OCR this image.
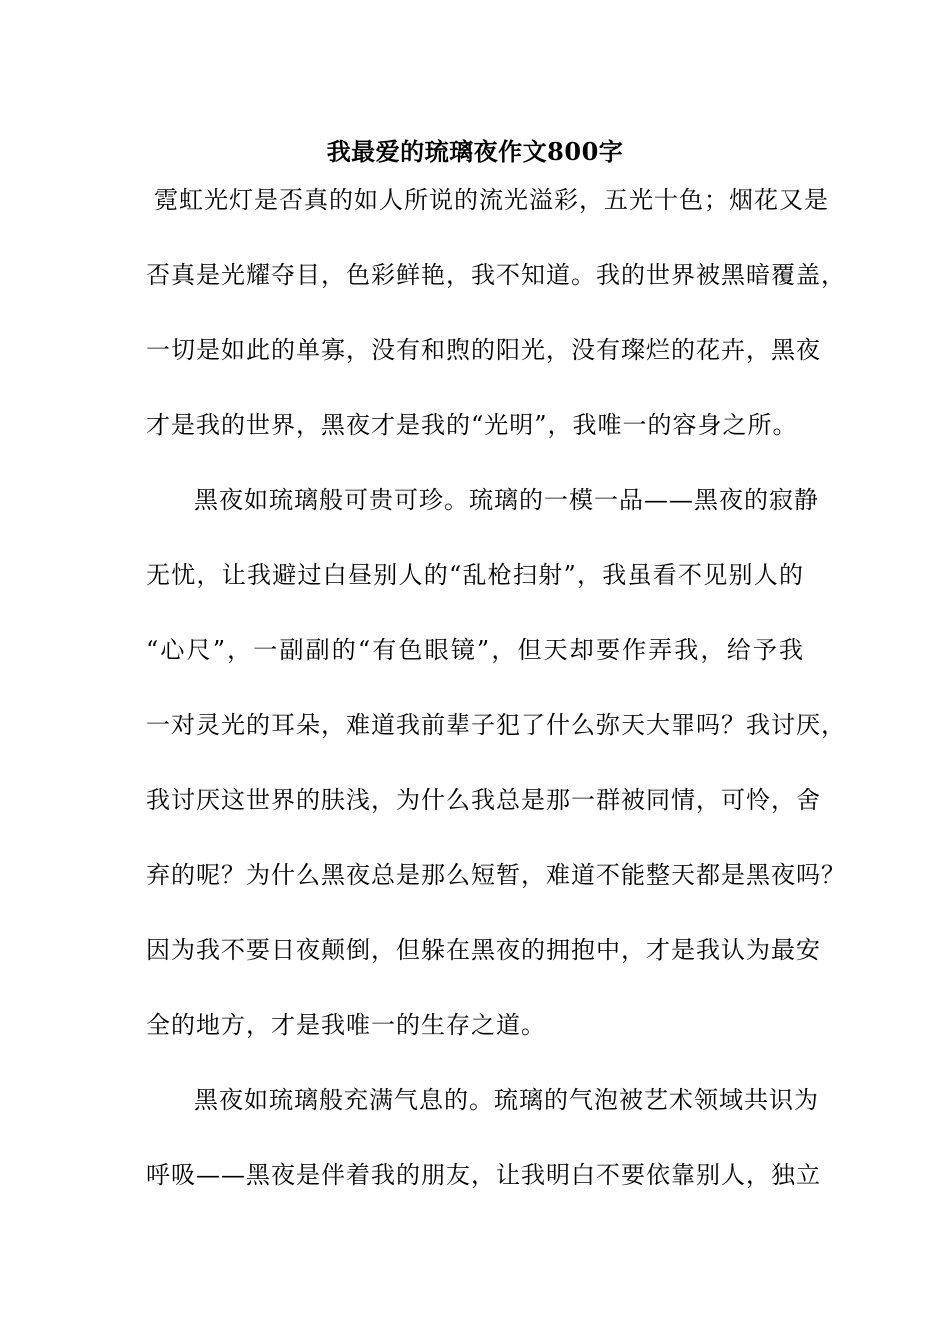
我最爱的琉璃夜作文800字
霓虹光灯是否真的如人所说的流光溢彩，五光十色；烟花又是
否真是光耀夺目，色彩鲜艳，我不知道。我的世界被黑暗覆盖，
一切是如此的单寡，没有和煦的阳光，没有璨烂的花卉，黑夜
才是我的世界，黑夜才是我的“光明”，我唯一的容身之所。
黑夜如琉璃般可贵可珍。琉璃的一模一品——黑夜的寂静
无忧，让我避过白昼别人的“乱枪扫射”，我虽看不见别人的
“心尺”，一副副的“有色眼镜”，但天却要作弄我，给予我
一对灵光的耳朵，难道我前辈子犯了什么弥天大罪吗？我讨厌，
我讨厌这世界的肤浅，为什么我总是那一群被同情，可怜，舍
弃的呢？为什么黑夜总是那么短暂，难道不能整天都是黑夜吗？
因为我不要日夜颠倒，但躲在黑夜的拥抱中，才是我认为最安
全的地方，才是我唯一的生存之道。
黑夜如琉璃般充满气息的。琉璃的气泡被艺术领域共识为
呼吸——黑夜是伴着我的朋友，让我明白不要依靠别人，独立
